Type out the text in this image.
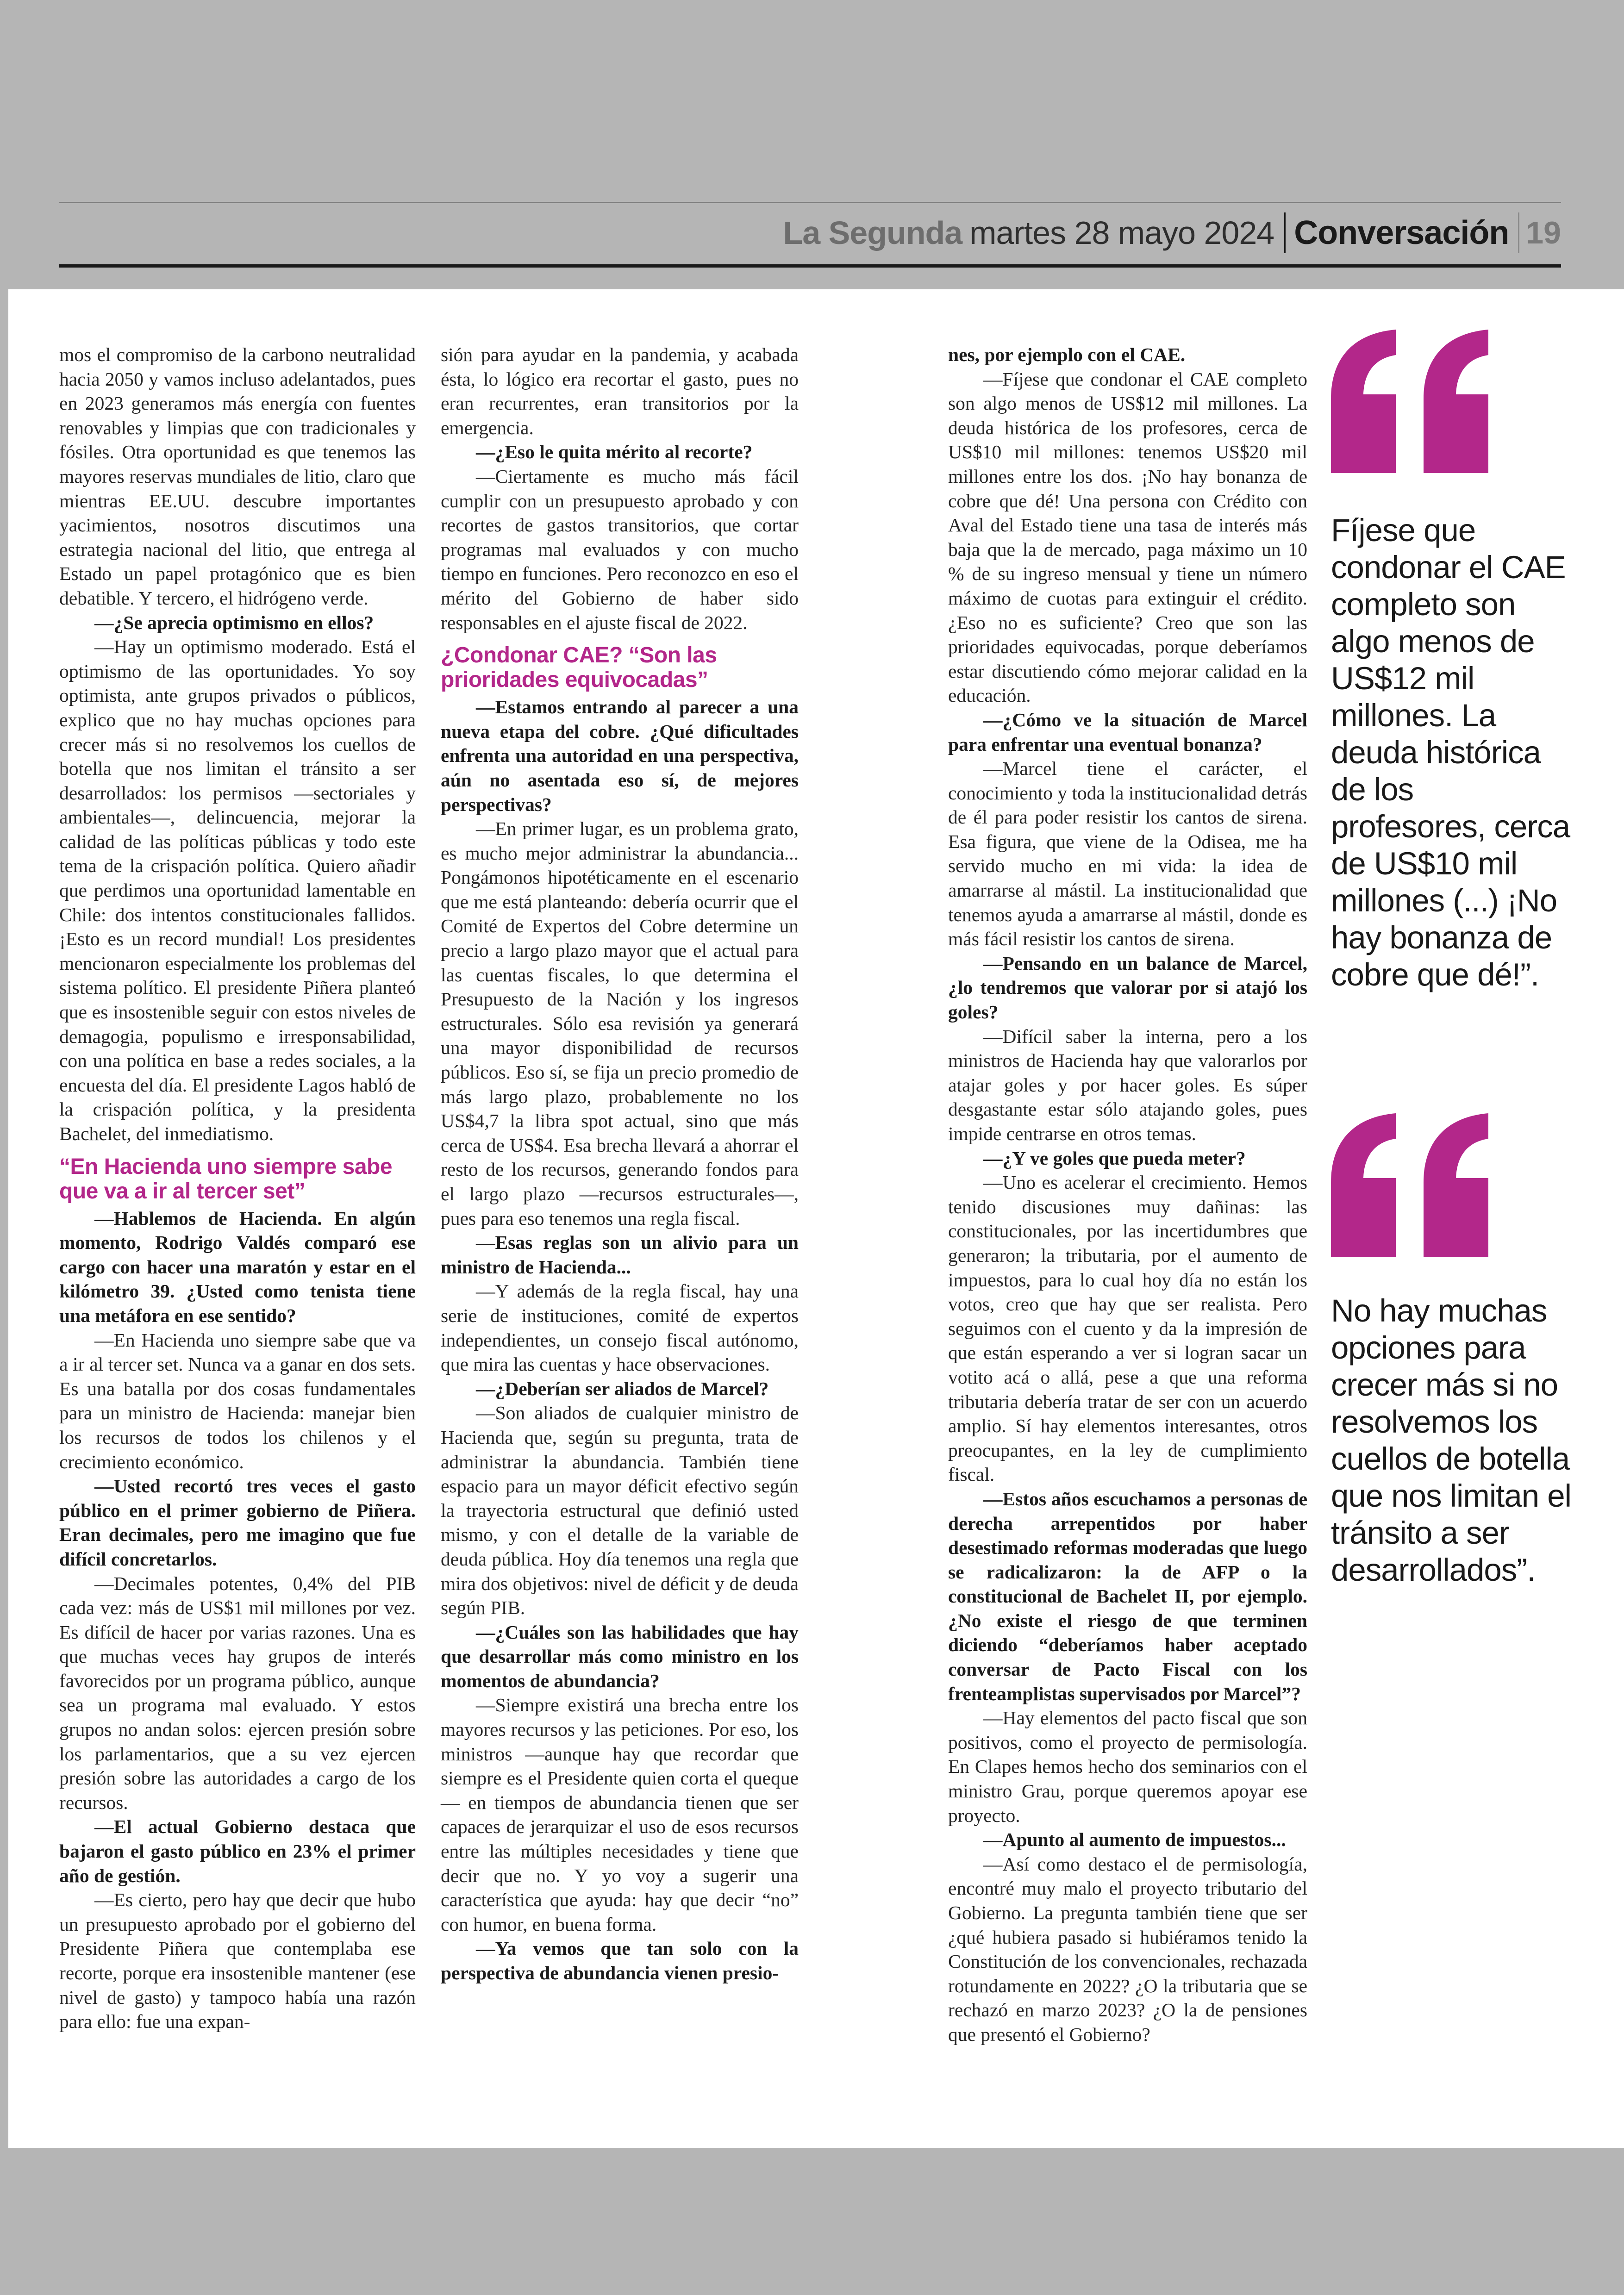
La Segunda martes 28 mayo 2024 Conversación 19

mos el compromiso de la carbono neutralidad hacia 2050 y vamos incluso adelantados, pues en 2023 generamos más energía con fuentes renovables y limpias que con tradicionales y fósiles. Otra oportunidad es que tenemos las mayores reservas mundiales de litio, claro que mientras EE.UU. descubre importantes yacimientos, nosotros discutimos una estrategia nacional del litio, que entrega al Estado un papel protagónico que es bien debatible. Y tercero, el hidrógeno verde.

—¿Se aprecia optimismo en ellos?

—Hay un optimismo moderado. Está el optimismo de las oportunidades. Yo soy optimista, ante grupos privados o públicos, explico que no hay muchas opciones para crecer más si no resolvemos los cuellos de botella que nos limitan el tránsito a ser desarrollados: los permisos —sectoriales y ambientales—, delincuencia, mejorar la calidad de las políticas públicas y todo este tema de la crispación política. Quiero añadir que perdimos una oportunidad lamentable en Chile: dos intentos constitucionales fallidos. ¡Esto es un record mundial! Los presidentes mencionaron especialmente los problemas del sistema político. El presidente Piñera planteó que es insostenible seguir con estos niveles de demagogia, populismo e irresponsabilidad, con una política en base a redes sociales, a la encuesta del día. El presidente Lagos habló de la crispación política, y la presidenta Bachelet, del inmediatismo.

“En Hacienda uno siempre sabe que va a ir al tercer set”

—Hablemos de Hacienda. En algún momento, Rodrigo Valdés comparó ese cargo con hacer una maratón y estar en el kilómetro 39. ¿Usted como tenista tiene una metáfora en ese sentido?

—En Hacienda uno siempre sabe que va a ir al tercer set. Nunca va a ganar en dos sets. Es una batalla por dos cosas fundamentales para un ministro de Hacienda: manejar bien los recursos de todos los chilenos y el crecimiento económico.

—Usted recortó tres veces el gasto público en el primer gobierno de Piñera. Eran decimales, pero me imagino que fue difícil concretarlos.

—Decimales potentes, 0,4% del PIB cada vez: más de US$1 mil millones por vez. Es difícil de hacer por varias razones. Una es que muchas veces hay grupos de interés favorecidos por un programa público, aunque sea un programa mal evaluado. Y estos grupos no andan solos: ejercen presión sobre los parlamentarios, que a su vez ejercen presión sobre las autoridades a cargo de los recursos.

—El actual Gobierno destaca que bajaron el gasto público en 23% el primer año de gestión.

—Es cierto, pero hay que decir que hubo un presupuesto aprobado por el gobierno del Presidente Piñera que contemplaba ese recorte, porque era insostenible mantener (ese nivel de gasto) y tampoco había una razón para ello: fue una expan-

sión para ayudar en la pandemia, y acabada ésta, lo lógico era recortar el gasto, pues no eran recurrentes, eran transitorios por la emergencia.

—¿Eso le quita mérito al recorte?

—Ciertamente es mucho más fácil cumplir con un presupuesto aprobado y con recortes de gastos transitorios, que cortar programas mal evaluados y con mucho tiempo en funciones. Pero reconozco en eso el mérito del Gobierno de haber sido responsables en el ajuste fiscal de 2022.

¿Condonar CAE? “Son las prioridades equivocadas”

—Estamos entrando al parecer a una nueva etapa del cobre. ¿Qué dificultades enfrenta una autoridad en una perspectiva, aún no asentada eso sí, de mejores perspectivas?

—En primer lugar, es un problema grato, es mucho mejor administrar la abundancia... Pongámonos hipotéticamente en el escenario que me está planteando: debería ocurrir que el Comité de Expertos del Cobre determine un precio a largo plazo mayor que el actual para las cuentas fiscales, lo que determina el Presupuesto de la Nación y los ingresos estructurales. Sólo esa revisión ya generará una mayor disponibilidad de recursos públicos. Eso sí, se fija un precio promedio de más largo plazo, probablemente no los US$4,7 la libra spot actual, sino que más cerca de US$4. Esa brecha llevará a ahorrar el resto de los recursos, generando fondos para el largo plazo —recursos estructurales—, pues para eso tenemos una regla fiscal.

—Esas reglas son un alivio para un ministro de Hacienda...

—Y además de la regla fiscal, hay una serie de instituciones, comité de expertos independientes, un consejo fiscal autónomo, que mira las cuentas y hace observaciones.

—¿Deberían ser aliados de Marcel?

—Son aliados de cualquier ministro de Hacienda que, según su pregunta, trata de administrar la abundancia. También tiene espacio para un mayor déficit efectivo según la trayectoria estructural que definió usted mismo, y con el detalle de la variable de deuda pública. Hoy día tenemos una regla que mira dos objetivos: nivel de déficit y de deuda según PIB.

—¿Cuáles son las habilidades que hay que desarrollar más como ministro en los momentos de abundancia?

—Siempre existirá una brecha entre los mayores recursos y las peticiones. Por eso, los ministros —aunque hay que recordar que siempre es el Presidente quien corta el queque— en tiempos de abundancia tienen que ser capaces de jerarquizar el uso de esos recursos entre las múltiples necesidades y tiene que decir que no. Y yo voy a sugerir una característica que ayuda: hay que decir “no” con humor, en buena forma.

—Ya vemos que tan solo con la perspectiva de abundancia vienen presio-

nes, por ejemplo con el CAE.

—Fíjese que condonar el CAE completo son algo menos de US$12 mil millones. La deuda histórica de los profesores, cerca de US$10 mil millones: tenemos US$20 mil millones entre los dos. ¡No hay bonanza de cobre que dé! Una persona con Crédito con Aval del Estado tiene una tasa de interés más baja que la de mercado, paga máximo un 10 % de su ingreso mensual y tiene un número máximo de cuotas para extinguir el crédito. ¿Eso no es suficiente? Creo que son las prioridades equivocadas, porque deberíamos estar discutiendo cómo mejorar calidad en la educación.

—¿Cómo ve la situación de Marcel para enfrentar una eventual bonanza?

—Marcel tiene el carácter, el conocimiento y toda la institucionalidad detrás de él para poder resistir los cantos de sirena. Esa figura, que viene de la Odisea, me ha servido mucho en mi vida: la idea de amarrarse al mástil. La institucionalidad que tenemos ayuda a amarrarse al mástil, donde es más fácil resistir los cantos de sirena.

—Pensando en un balance de Marcel, ¿lo tendremos que valorar por si atajó los goles?

—Difícil saber la interna, pero a los ministros de Hacienda hay que valorarlos por atajar goles y por hacer goles. Es súper desgastante estar sólo atajando goles, pues impide centrarse en otros temas.

—¿Y ve goles que pueda meter?

—Uno es acelerar el crecimiento. Hemos tenido discusiones muy dañinas: las constitucionales, por las incertidumbres que generaron; la tributaria, por el aumento de impuestos, para lo cual hoy día no están los votos, creo que hay que ser realista. Pero seguimos con el cuento y da la impresión de que están esperando a ver si logran sacar un votito acá o allá, pese a que una reforma tributaria debería tratar de ser con un acuerdo amplio. Sí hay elementos interesantes, otros preocupantes, en la ley de cumplimiento fiscal.

—Estos años escuchamos a personas de derecha arrepentidos por haber desestimado reformas moderadas que luego se radicalizaron: la de AFP o la constitucional de Bachelet II, por ejemplo. ¿No existe el riesgo de que terminen diciendo “deberíamos haber aceptado conversar de Pacto Fiscal con los frenteamplistas supervisados por Marcel”?

—Hay elementos del pacto fiscal que son positivos, como el proyecto de permisología. En Clapes hemos hecho dos seminarios con el ministro Grau, porque queremos apoyar ese proyecto.

—Apunto al aumento de impuestos...

—Así como destaco el de permisología, encontré muy malo el proyecto tributario del Gobierno. La pregunta también tiene que ser ¿qué hubiera pasado si hubiéramos tenido la Constitución de los convencionales, rechazada rotundamente en 2022? ¿O la tributaria que se rechazó en marzo 2023? ¿O la de pensiones que presentó el Gobierno?

Fíjese que condonar el CAE completo son algo menos de US$12 mil millones. La deuda histórica de los profesores, cerca de US$10 mil millones (...) ¡No hay bonanza de cobre que dé!”.
No hay muchas opciones para crecer más si no resolvemos los cuellos de botella que nos limitan el tránsito a ser desarrollados”.
